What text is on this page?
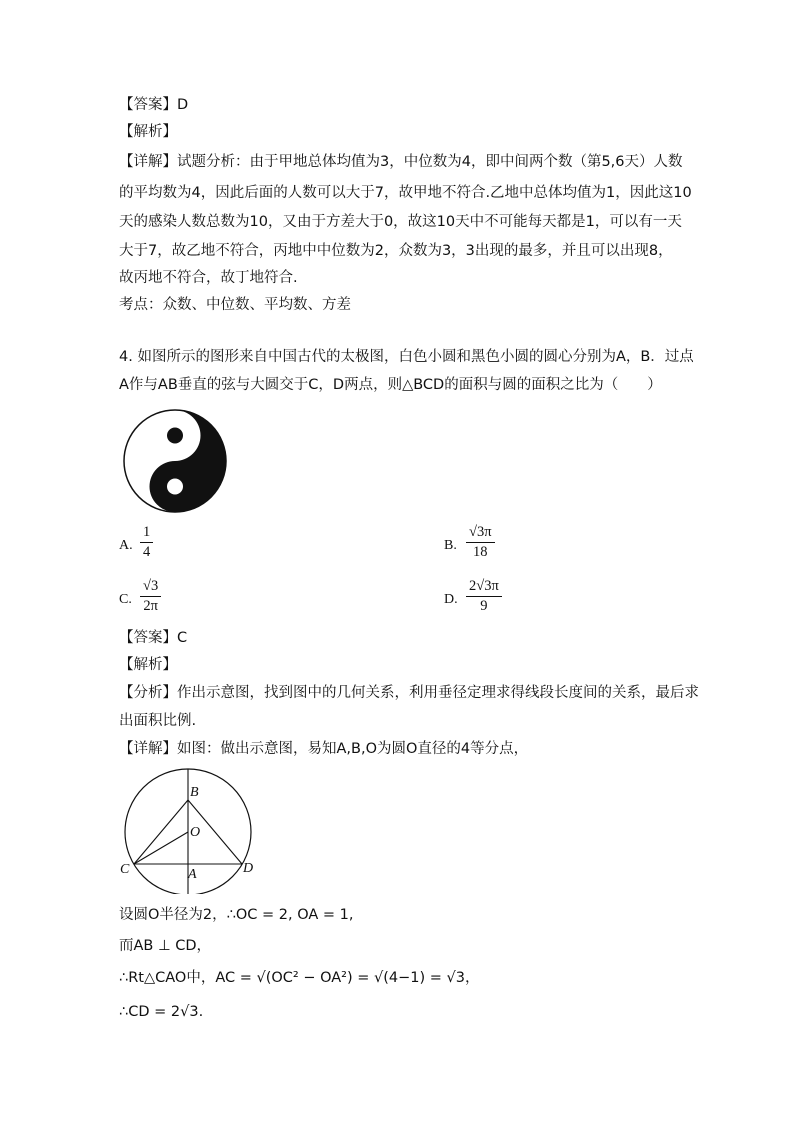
【答案】D
【解析】
【详解】试题分析：由于甲地总体均值为3，中位数为4，即中间两个数（第5,6天）人数
的平均数为4，因此后面的人数可以大于7，故甲地不符合.乙地中总体均值为1，因此这10
天的感染人数总数为10，又由于方差大于0，故这10天中不可能每天都是1，可以有一天
大于7，故乙地不符合，丙地中中位数为2，众数为3，3出现的最多，并且可以出现8，
故丙地不符合，故丁地符合.
考点：众数、中位数、平均数、方差
4. 如图所示的图形来自中国古代的太极图，白色小圆和黑色小圆的圆心分别为A，B．过点
A作与AB垂直的弦与大圆交于C，D两点，则△BCD的面积与圆的面积之比为（　　）
A. $\frac{1}{4}$	B. $\frac{√3\pi}{18}$
C. $\frac{√3}{2\pi}$	D. $\frac{2√3\pi}{9}$
【答案】C
【解析】
【分析】作出示意图，找到图中的几何关系，利用垂径定理求得线段长度间的关系，最后求
出面积比例.
【详解】如图：做出示意图，易知A,B,O为圆O直径的4等分点，
B
O
C	A	D
设圆O半径为2，∴OC = 2, OA = 1,
而AB ⊥ CD，
∴Rt△CAO中，AC = √(OC² − OA²) = √(4−1) = √3，
∴CD = 2√3.
